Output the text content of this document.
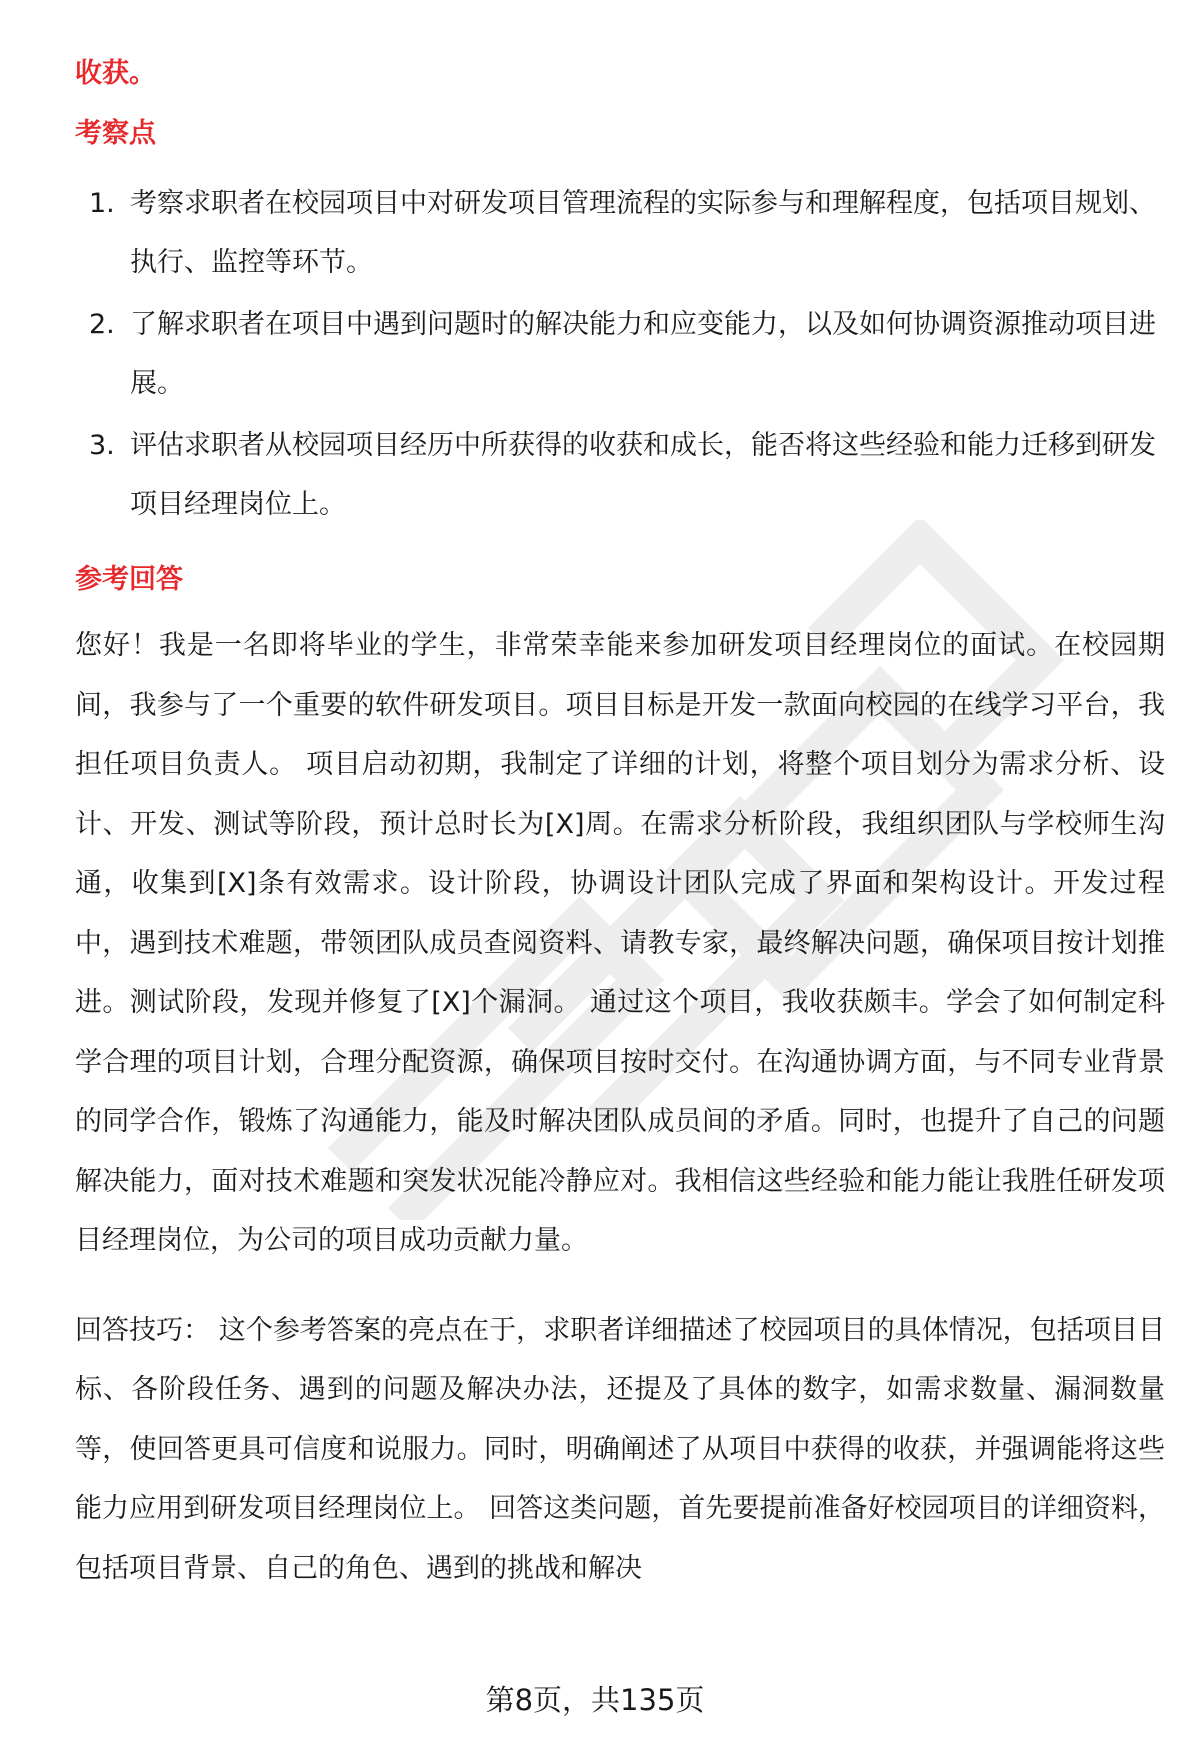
收获。
考察点
1. 考察求职者在校园项目中对研发项目管理流程的实际参与和理解程度，包括项目规划、执行、监控等环节。
2. 了解求职者在项目中遇到问题时的解决能力和应变能力，以及如何协调资源推动项目进展。
3. 评估求职者从校园项目经历中所获得的收获和成长，能否将这些经验和能力迁移到研发项目经理岗位上。
参考回答

您好！我是一名即将毕业的学生，非常荣幸能来参加研发项目经理岗位的面试。在校园期间，我参与了一个重要的软件研发项目。项目目标是开发一款面向校园的在线学习平台，我担任项目负责人。 项目启动初期，我制定了详细的计划，将整个项目划分为需求分析、设计、开发、测试等阶段，预计总时长为[X]周。在需求分析阶段，我组织团队与学校师生沟通，收集到[X]条有效需求。设计阶段，协调设计团队完成了界面和架构设计。开发过程中，遇到技术难题，带领团队成员查阅资料、请教专家，最终解决问题，确保项目按计划推进。测试阶段，发现并修复了[X]个漏洞。 通过这个项目，我收获颇丰。学会了如何制定科学合理的项目计划，合理分配资源，确保项目按时交付。在沟通协调方面，与不同专业背景的同学合作，锻炼了沟通能力，能及时解决团队成员间的矛盾。同时，也提升了自己的问题解决能力，面对技术难题和突发状况能冷静应对。我相信这些经验和能力能让我胜任研发项目经理岗位，为公司的项目成功贡献力量。

回答技巧： 这个参考答案的亮点在于，求职者详细描述了校园项目的具体情况，包括项目目标、各阶段任务、遇到的问题及解决办法，还提及了具体的数字，如需求数量、漏洞数量等，使回答更具可信度和说服力。同时，明确阐述了从项目中获得的收获，并强调能将这些能力应用到研发项目经理岗位上。 回答这类问题，首先要提前准备好校园项目的详细资料，包括项目背景、自己的角色、遇到的挑战和解决

第8页，共135页
